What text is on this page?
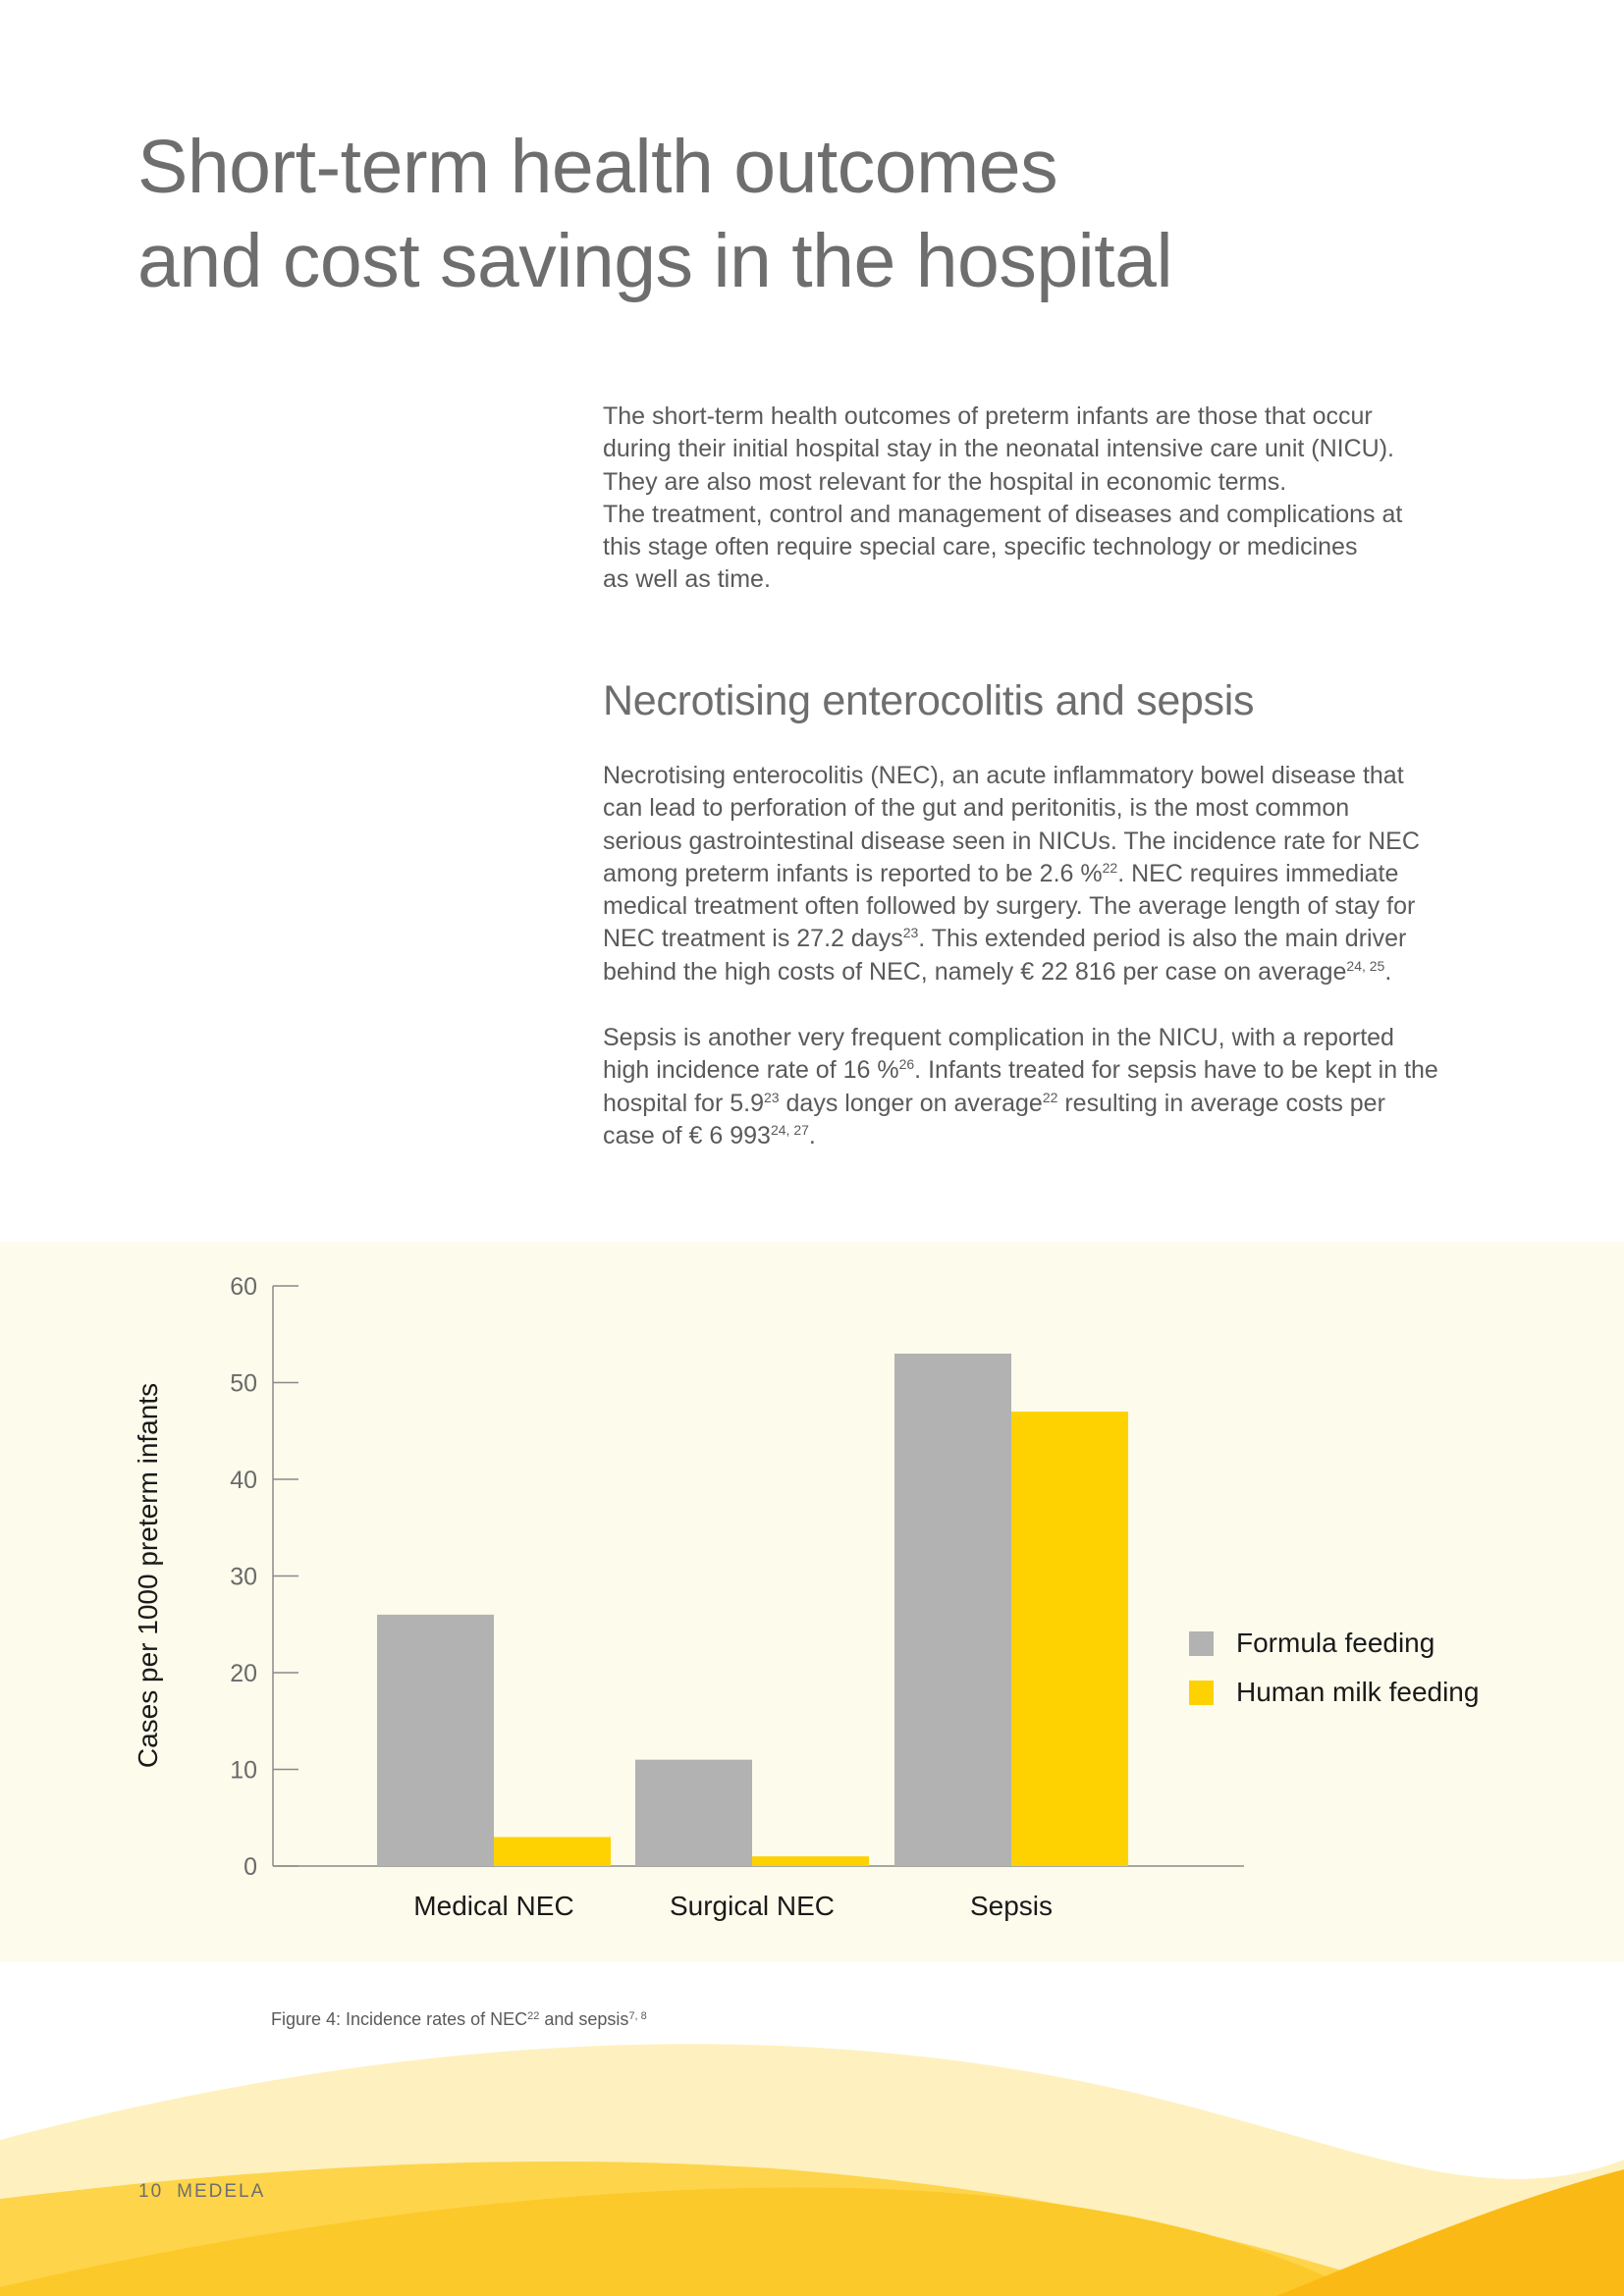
Short-term health outcomes
and cost savings in the hospital

The short-term health outcomes of preterm infants are those that occur

during their initial hospital stay in the neonatal intensive care unit (NICU).

They are also most relevant for the hospital in economic terms.

The treatment, control and management of diseases and complications at

this stage often require special care, specific technology or medicines

as well as time.

Necrotising enterocolitis and sepsis

Necrotising enterocolitis (NEC), an acute inflammatory bowel disease that

can lead to perforation of the gut and peritonitis, is the most common

serious gastrointestinal disease seen in NICUs. The incidence rate for NEC

among preterm infants is reported to be 2.6 %$^{22}$. NEC requires immediate

medical treatment often followed by surgery. The average length of stay for

NEC treatment is 27.2 days$^{23}$. This extended period is also the main driver

behind the high costs of NEC, namely € 22 816 per case on average$^{24, 25}$.

Sepsis is another very frequent complication in the NICU, with a reported

high incidence rate of 16 %$^{26}$. Infants treated for sepsis have to be kept in the

hospital for $5.9^{23}$ days longer on average$^{22}$ resulting in average costs per

case of € 6 993$^{24, 27}$.

0
10
20
30
40
50
60
Cases per 1000 preterm infants
Medical NEC	Surgical NEC	Sepsis
Formula feeding
Human milk feeding

Figure 4: Incidence rates of NEC$^{22}$ and sepsis$^{7, 8}$

10 MEDELA
